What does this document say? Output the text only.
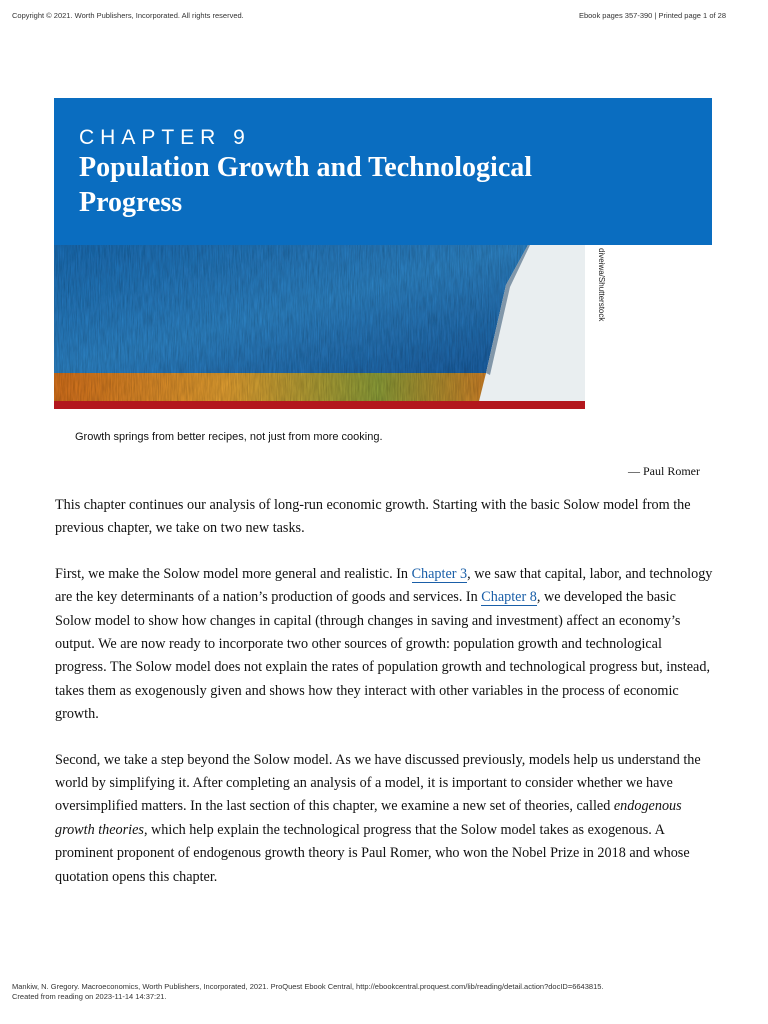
Copyright © 2021. Worth Publishers, Incorporated. All rights reserved.	Ebook pages 357-390 | Printed page 1 of 28
CHAPTER 9
Population Growth and Technological
Progress
diveiwa/Shutterstock
Growth springs from better recipes, not just from more cooking.
— Paul Romer

This chapter continues our analysis of long-run economic growth. Starting with the basic Solow model from the previous chapter, we take on two new tasks.

First, we make the Solow model more general and realistic. In Chapter 3, we saw that capital, labor, and technology are the key determinants of a nation’s production of goods and services. In Chapter 8, we developed the basic Solow model to show how changes in capital (through changes in saving and investment) affect an economy’s output. We are now ready to incorporate two other sources of growth: population growth and technological progress. The Solow model does not explain the rates of population growth and technological progress but, instead, takes them as exogenously given and shows how they interact with other variables in the process of economic growth.

Second, we take a step beyond the Solow model. As we have discussed previously, models help us understand the world by simplifying it. After completing an analysis of a model, it is important to consider whether we have oversimplified matters. In the last section of this chapter, we examine a new set of theories, called endogenous growth theories, which help explain the technological progress that the Solow model takes as exogenous. A prominent proponent of endogenous growth theory is Paul Romer, who won the Nobel Prize in 2018 and whose quotation opens this chapter.

Mankiw, N. Gregory. Macroeconomics, Worth Publishers, Incorporated, 2021. ProQuest Ebook Central, http://ebookcentral.proquest.com/lib/reading/detail.action?docID=6643815.
Created from reading on 2023-11-14 14:37:21.
